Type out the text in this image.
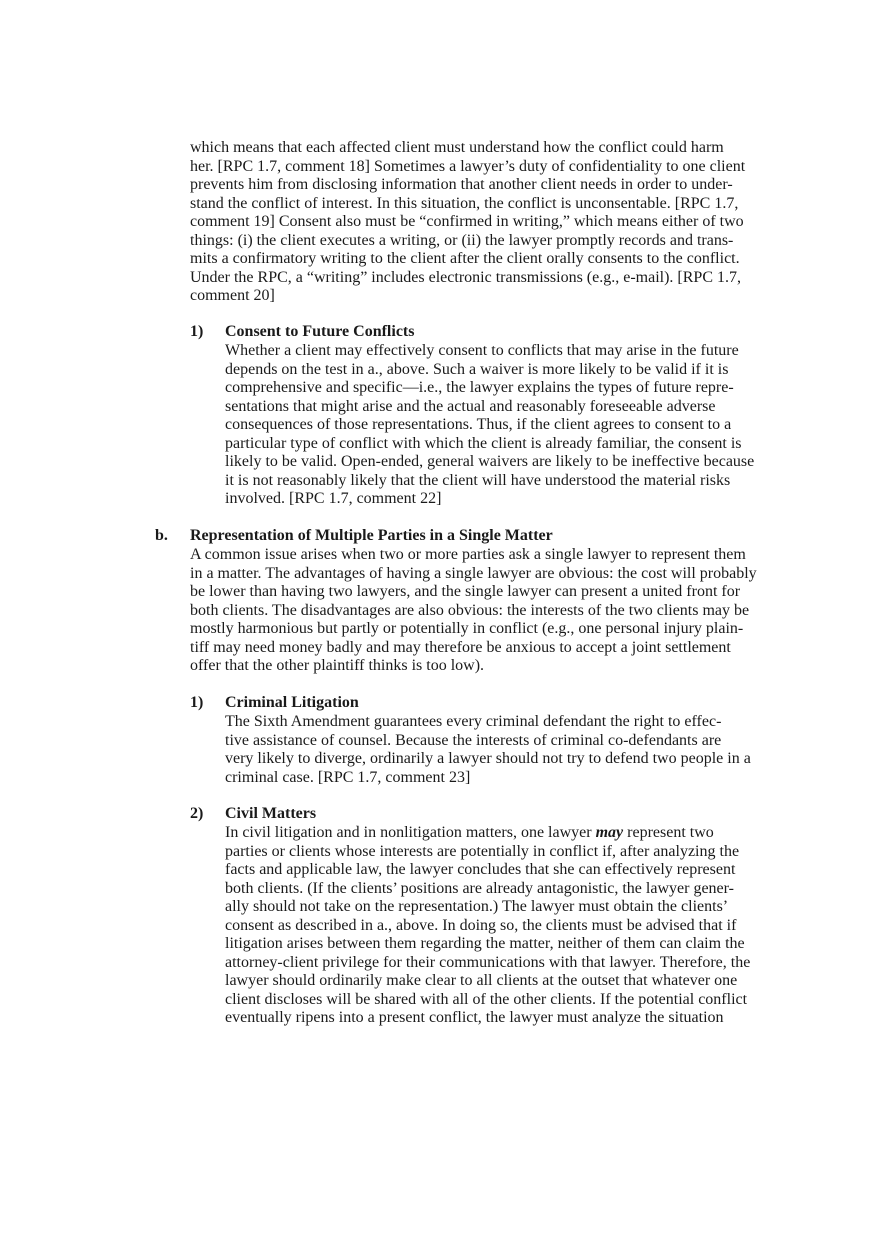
which means that each affected client must understand how the conflict could harm
her. [RPC 1.7, comment 18] Sometimes a lawyer’s duty of confidentiality to one client
prevents him from disclosing information that another client needs in order to under-
stand the conflict of interest. In this situation, the conflict is unconsentable. [RPC 1.7,
comment 19] Consent also must be “confirmed in writing,” which means either of two
things: (i) the client executes a writing, or (ii) the lawyer promptly records and trans-
mits a confirmatory writing to the client after the client orally consents to the conflict.
Under the RPC, a “writing” includes electronic transmissions (e.g., e-mail). [RPC 1.7,
comment 20]
1) Consent to Future Conflicts
Whether a client may effectively consent to conflicts that may arise in the future
depends on the test in a., above. Such a waiver is more likely to be valid if it is
comprehensive and specific—i.e., the lawyer explains the types of future repre-
sentations that might arise and the actual and reasonably foreseeable adverse
consequences of those representations. Thus, if the client agrees to consent to a
particular type of conflict with which the client is already familiar, the consent is
likely to be valid. Open-ended, general waivers are likely to be ineffective because
it is not reasonably likely that the client will have understood the material risks
involved. [RPC 1.7, comment 22]
b. Representation of Multiple Parties in a Single Matter
A common issue arises when two or more parties ask a single lawyer to represent them
in a matter. The advantages of having a single lawyer are obvious: the cost will probably
be lower than having two lawyers, and the single lawyer can present a united front for
both clients. The disadvantages are also obvious: the interests of the two clients may be
mostly harmonious but partly or potentially in conflict (e.g., one personal injury plain-
tiff may need money badly and may therefore be anxious to accept a joint settlement
offer that the other plaintiff thinks is too low).
1) Criminal Litigation
The Sixth Amendment guarantees every criminal defendant the right to effec-
tive assistance of counsel. Because the interests of criminal co-defendants are
very likely to diverge, ordinarily a lawyer should not try to defend two people in a
criminal case. [RPC 1.7, comment 23]
2) Civil Matters
In civil litigation and in nonlitigation matters, one lawyer may represent two
parties or clients whose interests are potentially in conflict if, after analyzing the
facts and applicable law, the lawyer concludes that she can effectively represent
both clients. (If the clients’ positions are already antagonistic, the lawyer gener-
ally should not take on the representation.) The lawyer must obtain the clients’
consent as described in a., above. In doing so, the clients must be advised that if
litigation arises between them regarding the matter, neither of them can claim the
attorney-client privilege for their communications with that lawyer. Therefore, the
lawyer should ordinarily make clear to all clients at the outset that whatever one
client discloses will be shared with all of the other clients. If the potential conflict
eventually ripens into a present conflict, the lawyer must analyze the situation
